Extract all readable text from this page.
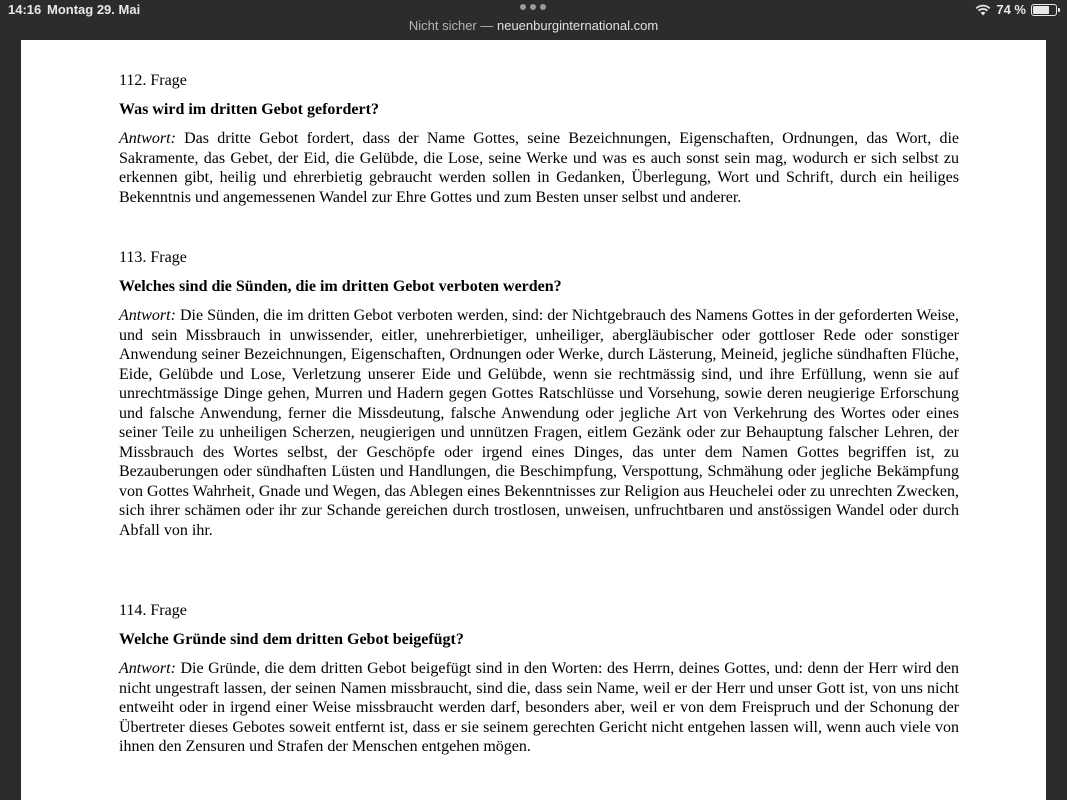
14:16 Montag 29. Mai	74 %
Nicht sicher — neuenburginternational.com
112. Frage
Was wird im dritten Gebot gefordert?
Antwort: Das dritte Gebot fordert, dass der Name Gottes, seine Bezeichnungen, Eigenschaften, Ordnungen, das Wort, die Sakramente, das Gebet, der Eid, die Gelübde, die Lose, seine Werke und was es auch sonst sein mag, wodurch er sich selbst zu erkennen gibt, heilig und ehrerbietig gebraucht werden sollen in Gedanken, Überlegung, Wort und Schrift, durch ein heiliges Bekenntnis und angemessenen Wandel zur Ehre Gottes und zum Besten unser selbst und anderer.
113. Frage
Welches sind die Sünden, die im dritten Gebot verboten werden?
Antwort: Die Sünden, die im dritten Gebot verboten werden, sind: der Nichtgebrauch des Namens Gottes in der geforderten Weise, und sein Missbrauch in unwissender, eitler, unehrerbietiger, unheiliger, abergläubischer oder gottloser Rede oder sonstiger Anwendung seiner Bezeichnungen, Eigenschaften, Ordnungen oder Werke, durch Lästerung, Meineid, jegliche sündhaften Flüche, Eide, Gelübde und Lose, Verletzung unserer Eide und Gelübde, wenn sie rechtmässig sind, und ihre Erfüllung, wenn sie auf unrechtmässige Dinge gehen, Murren und Hadern gegen Gottes Ratschlüsse und Vorsehung, sowie deren neugierige Erforschung und falsche Anwendung, ferner die Missdeutung, falsche Anwendung oder jegliche Art von Verkehrung des Wortes oder eines seiner Teile zu unheiligen Scherzen, neugierigen und unnützen Fragen, eitlem Gezänk oder zur Behauptung falscher Lehren, der Missbrauch des Wortes selbst, der Geschöpfe oder irgend eines Dinges, das unter dem Namen Gottes begriffen ist, zu Bezauberungen oder sündhaften Lüsten und Handlungen, die Beschimpfung, Verspottung, Schmähung oder jegliche Bekämpfung von Gottes Wahrheit, Gnade und Wegen, das Ablegen eines Bekenntnisses zur Religion aus Heuchelei oder zu unrechten Zwecken, sich ihrer schämen oder ihr zur Schande gereichen durch trostlosen, unweisen, unfruchtbaren und anstössigen Wandel oder durch Abfall von ihr.
114. Frage
Welche Gründe sind dem dritten Gebot beigefügt?
Antwort: Die Gründe, die dem dritten Gebot beigefügt sind in den Worten: des Herrn, deines Gottes, und: denn der Herr wird den nicht ungestraft lassen, der seinen Namen missbraucht, sind die, dass sein Name, weil er der Herr und unser Gott ist, von uns nicht entweiht oder in irgend einer Weise missbraucht werden darf, besonders aber, weil er von dem Freispruch und der Schonung der Übertreter dieses Gebotes soweit entfernt ist, dass er sie seinem gerechten Gericht nicht entgehen lassen will, wenn auch viele von ihnen den Zensuren und Strafen der Menschen entgehen mögen.
